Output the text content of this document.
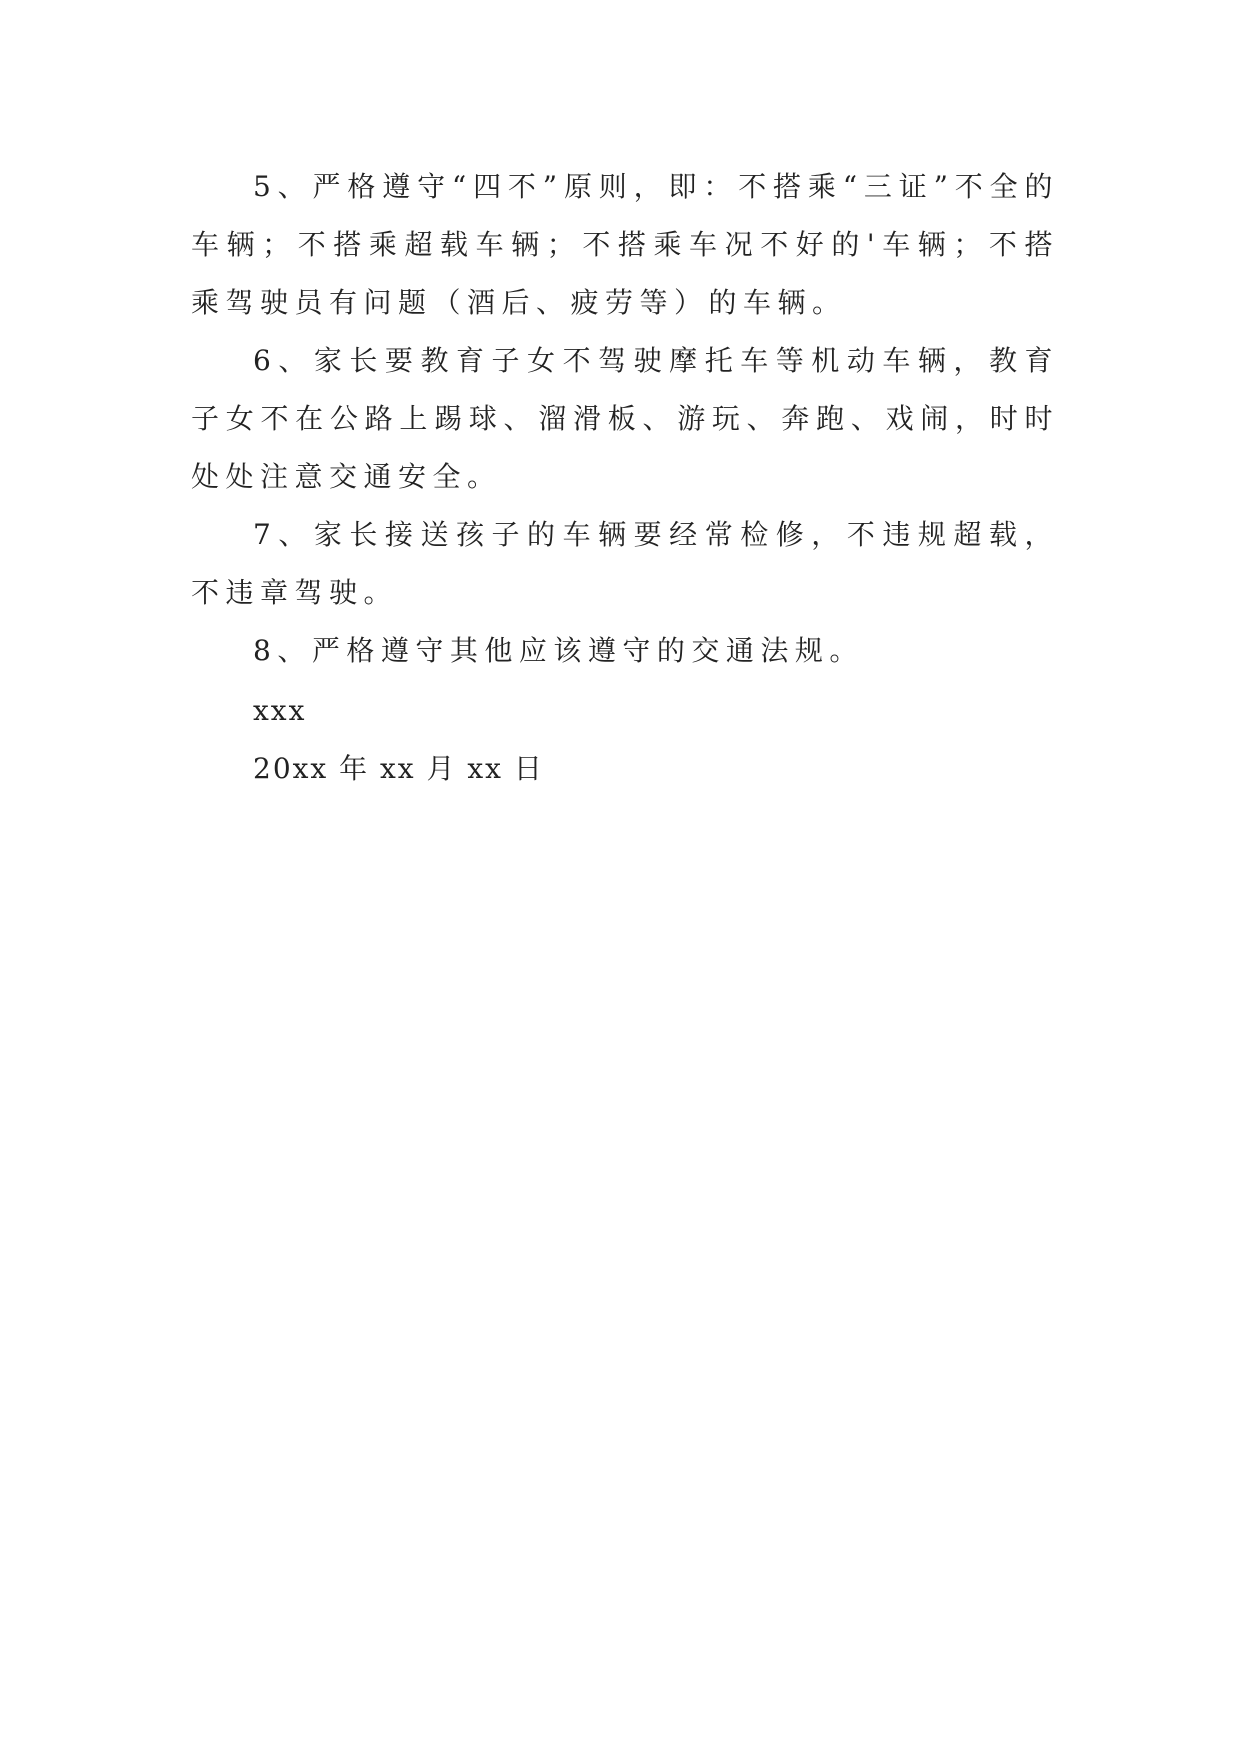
5、严格遵守“四不”原则，即：不搭乘“三证”不全的车辆；不搭乘超载车辆；不搭乘车况不好的'车辆；不搭乘驾驶员有问题（酒后、疲劳等）的车辆。

6、家长要教育子女不驾驶摩托车等机动车辆，教育子女不在公路上踢球、溜滑板、游玩、奔跑、戏闹，时时处处注意交通安全。

7、家长接送孩子的车辆要经常检修，不违规超载，不违章驾驶。

8、严格遵守其他应该遵守的交通法规。

xxx

20xx 年 xx 月 xx 日
